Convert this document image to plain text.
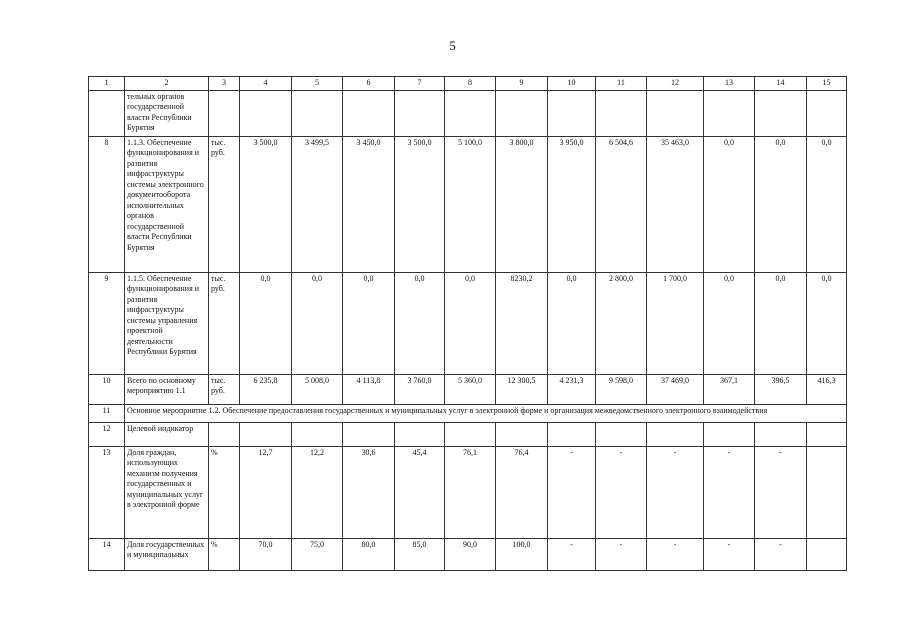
5
1	2	3	4	5	6	7	8	9	10	11	12	13	14	15
	тельных органов государственной власти Республики Бурятия													
8	1.1.3. Обеспечение функционирования и развития инфраструктуры системы электронного документооборота исполнительных органов государственной власти Республики Бурятия	тыс. руб.	3 500,0	3 499,5	3 450,0	3 500,0	5 100,0	3 800,0	3 950,0	6 504,6	35 463,0	0,0	0,0	0,0
9	1.1.5. Обеспечение функционирования и развития инфраструктуры системы управления проектной деятельности Республики Бурятия	тыс. руб.	0,0	0,0	0,0	0,0	0,0	8230,2	0,0	2 800,0	1 700,0	0,0	0,0	0,0
10	Всего по основному мероприятию 1.1	тыс. руб.	6 235,8	5 008,0	4 113,8	3 760,0	5 360,0	12 300,5	4 231,3	9 598,0	37 469,0	367,1	396,5	416,3
11	Основное мероприятие 1.2. Обеспечение предоставления государственных и муниципальных услуг в электронной форме и организация межведомственного электронного взаимодействия													
12	Целевой индикатор													
13	Доля граждан, использующих механизм получения государственных и муниципальных услуг в электронной форме	%	12,7	12,2	30,6	45,4	76,1	76,4	-	-	-	-	-	
14	Доля государственных и муниципальных	%	70,0	75,0	80,0	85,0	90,0	100,0	-	-	-	-	-	
